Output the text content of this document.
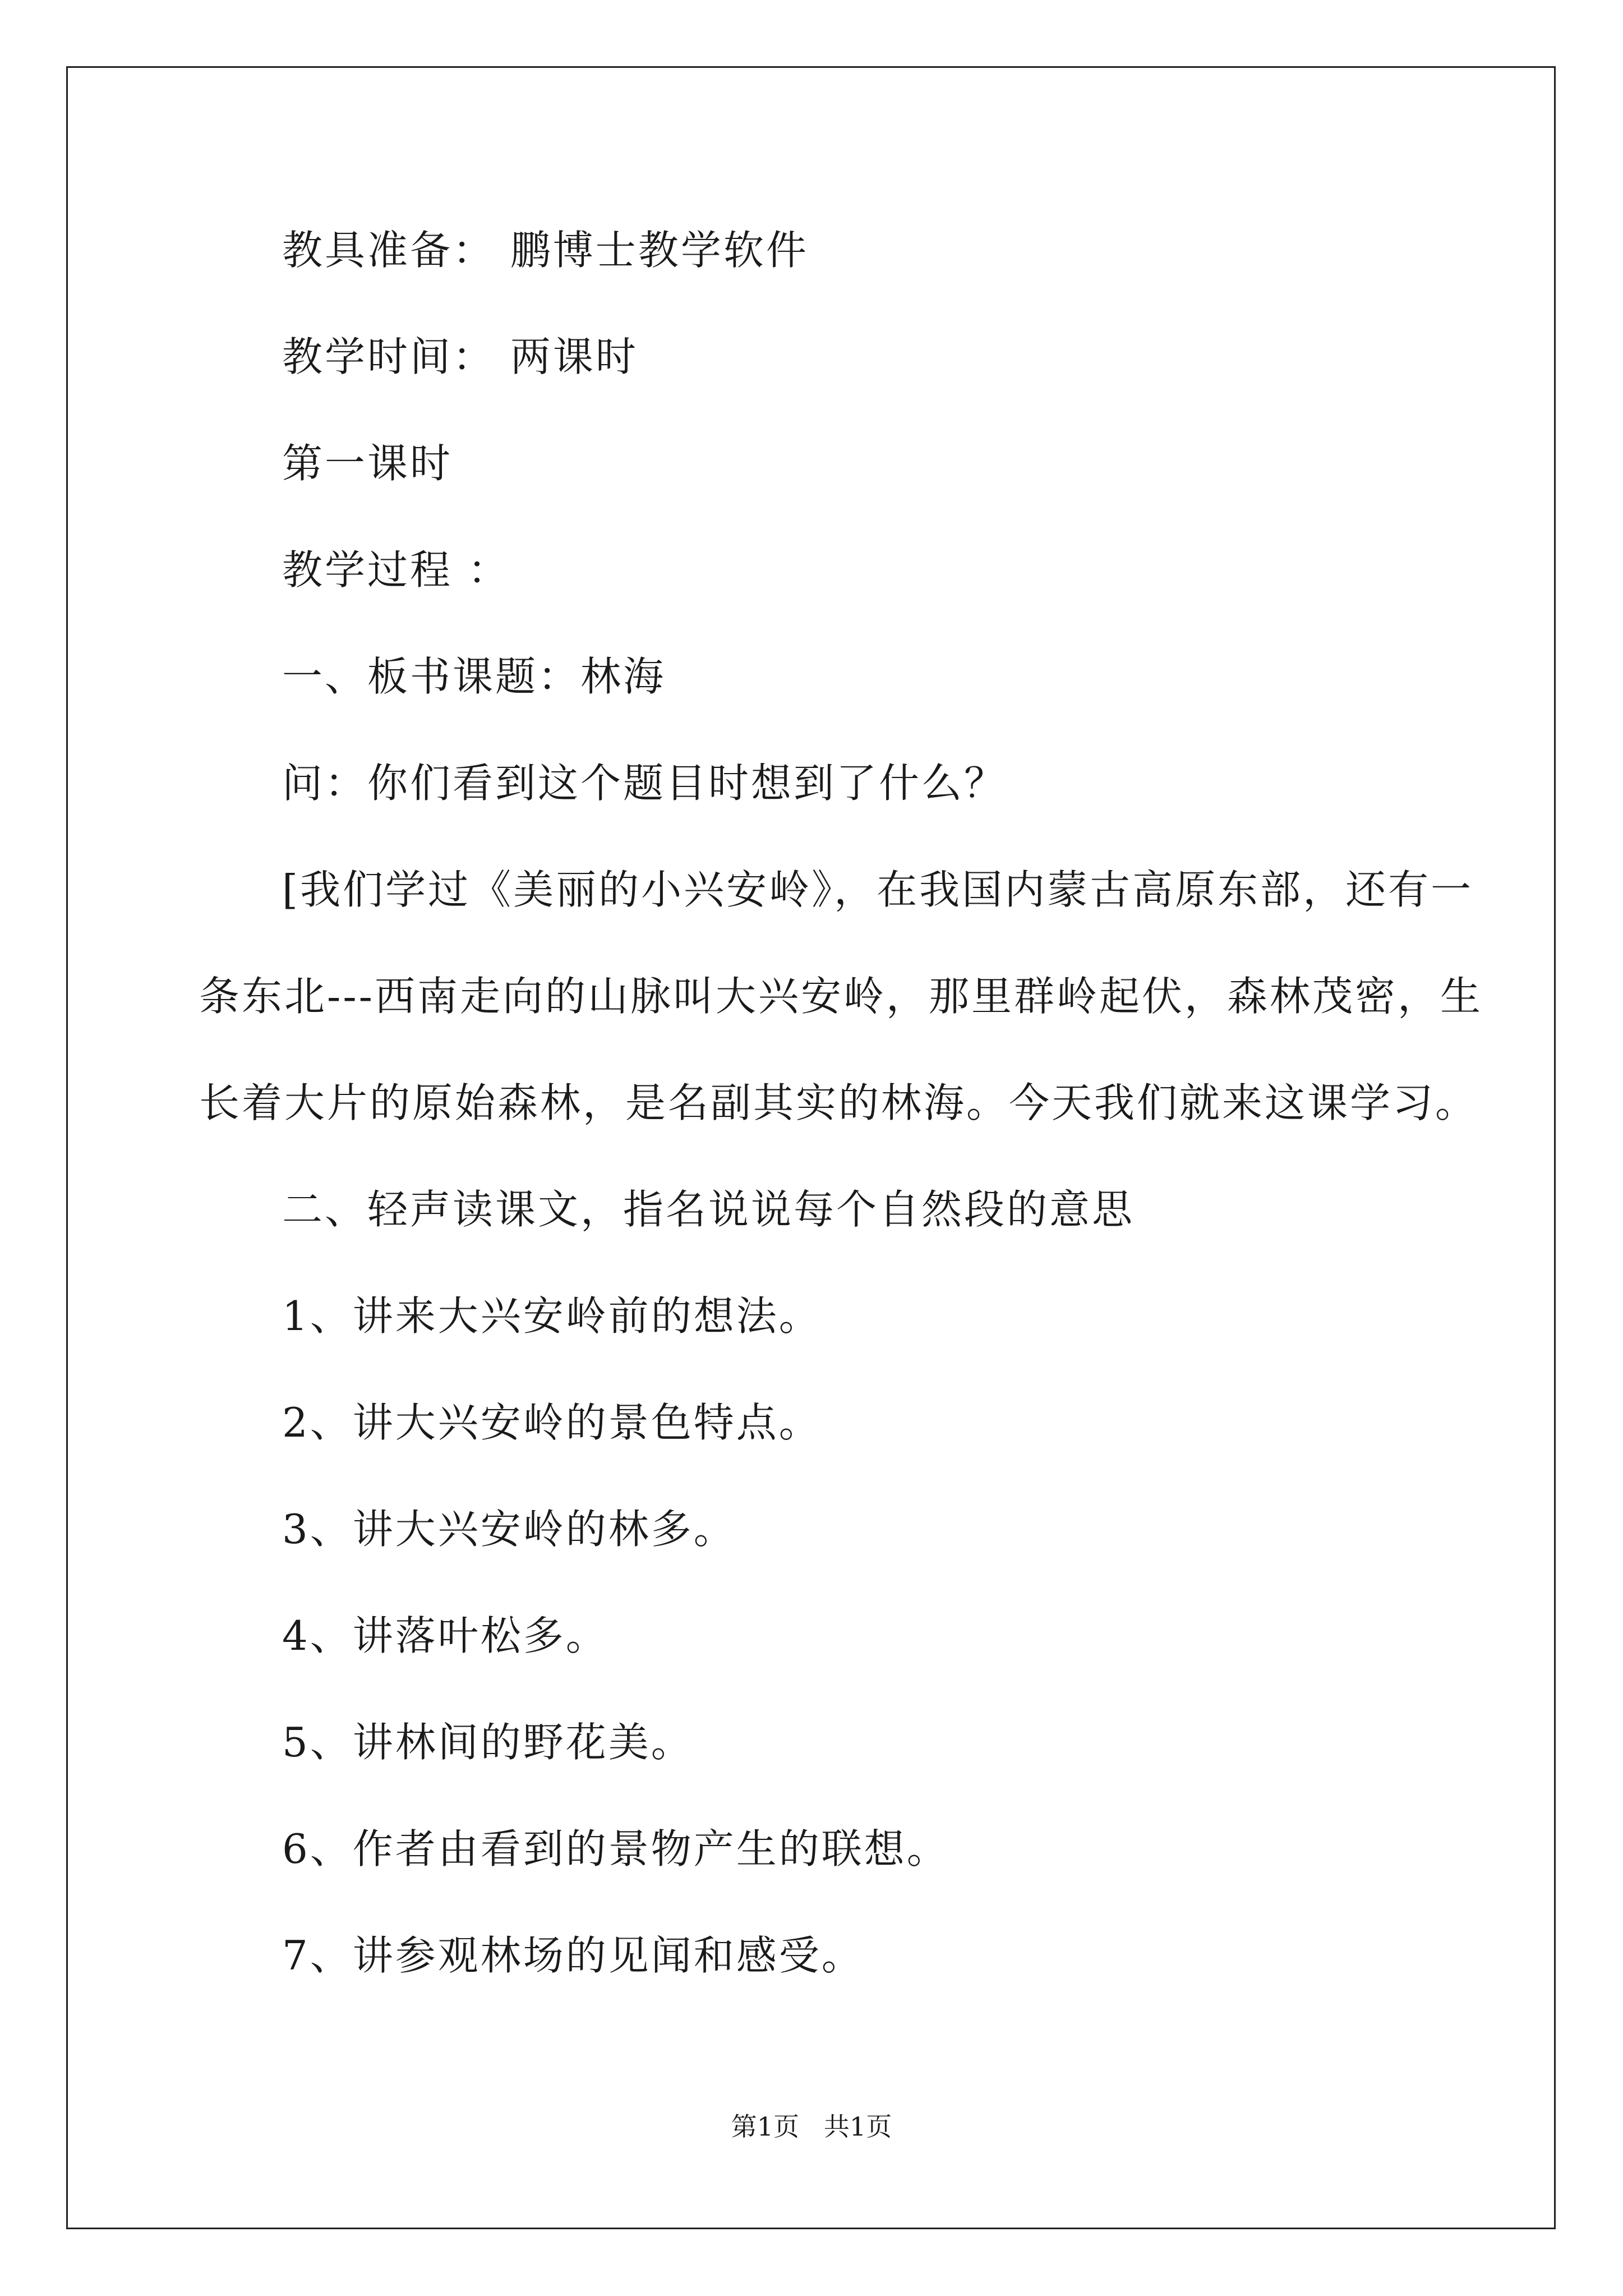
教具准备： 鹏博士教学软件

教学时间： 两课时

第一课时

教学过程 ：

一、板书课题：林海

问：你们看到这个题目时想到了什么？

[我们学过《美丽的小兴安岭》，在我国内蒙古高原东部，还有一

条东北---西南走向的山脉叫大兴安岭，那里群岭起伏，森林茂密，生

长着大片的原始森林，是名副其实的林海。今天我们就来这课学习。

二、轻声读课文，指名说说每个自然段的意思

1、讲来大兴安岭前的想法。

2、讲大兴安岭的景色特点。

3、讲大兴安岭的林多。

4、讲落叶松多。

5、讲林间的野花美。

6、作者由看到的景物产生的联想。

7、讲参观林场的见闻和感受。

第1页   共1页
